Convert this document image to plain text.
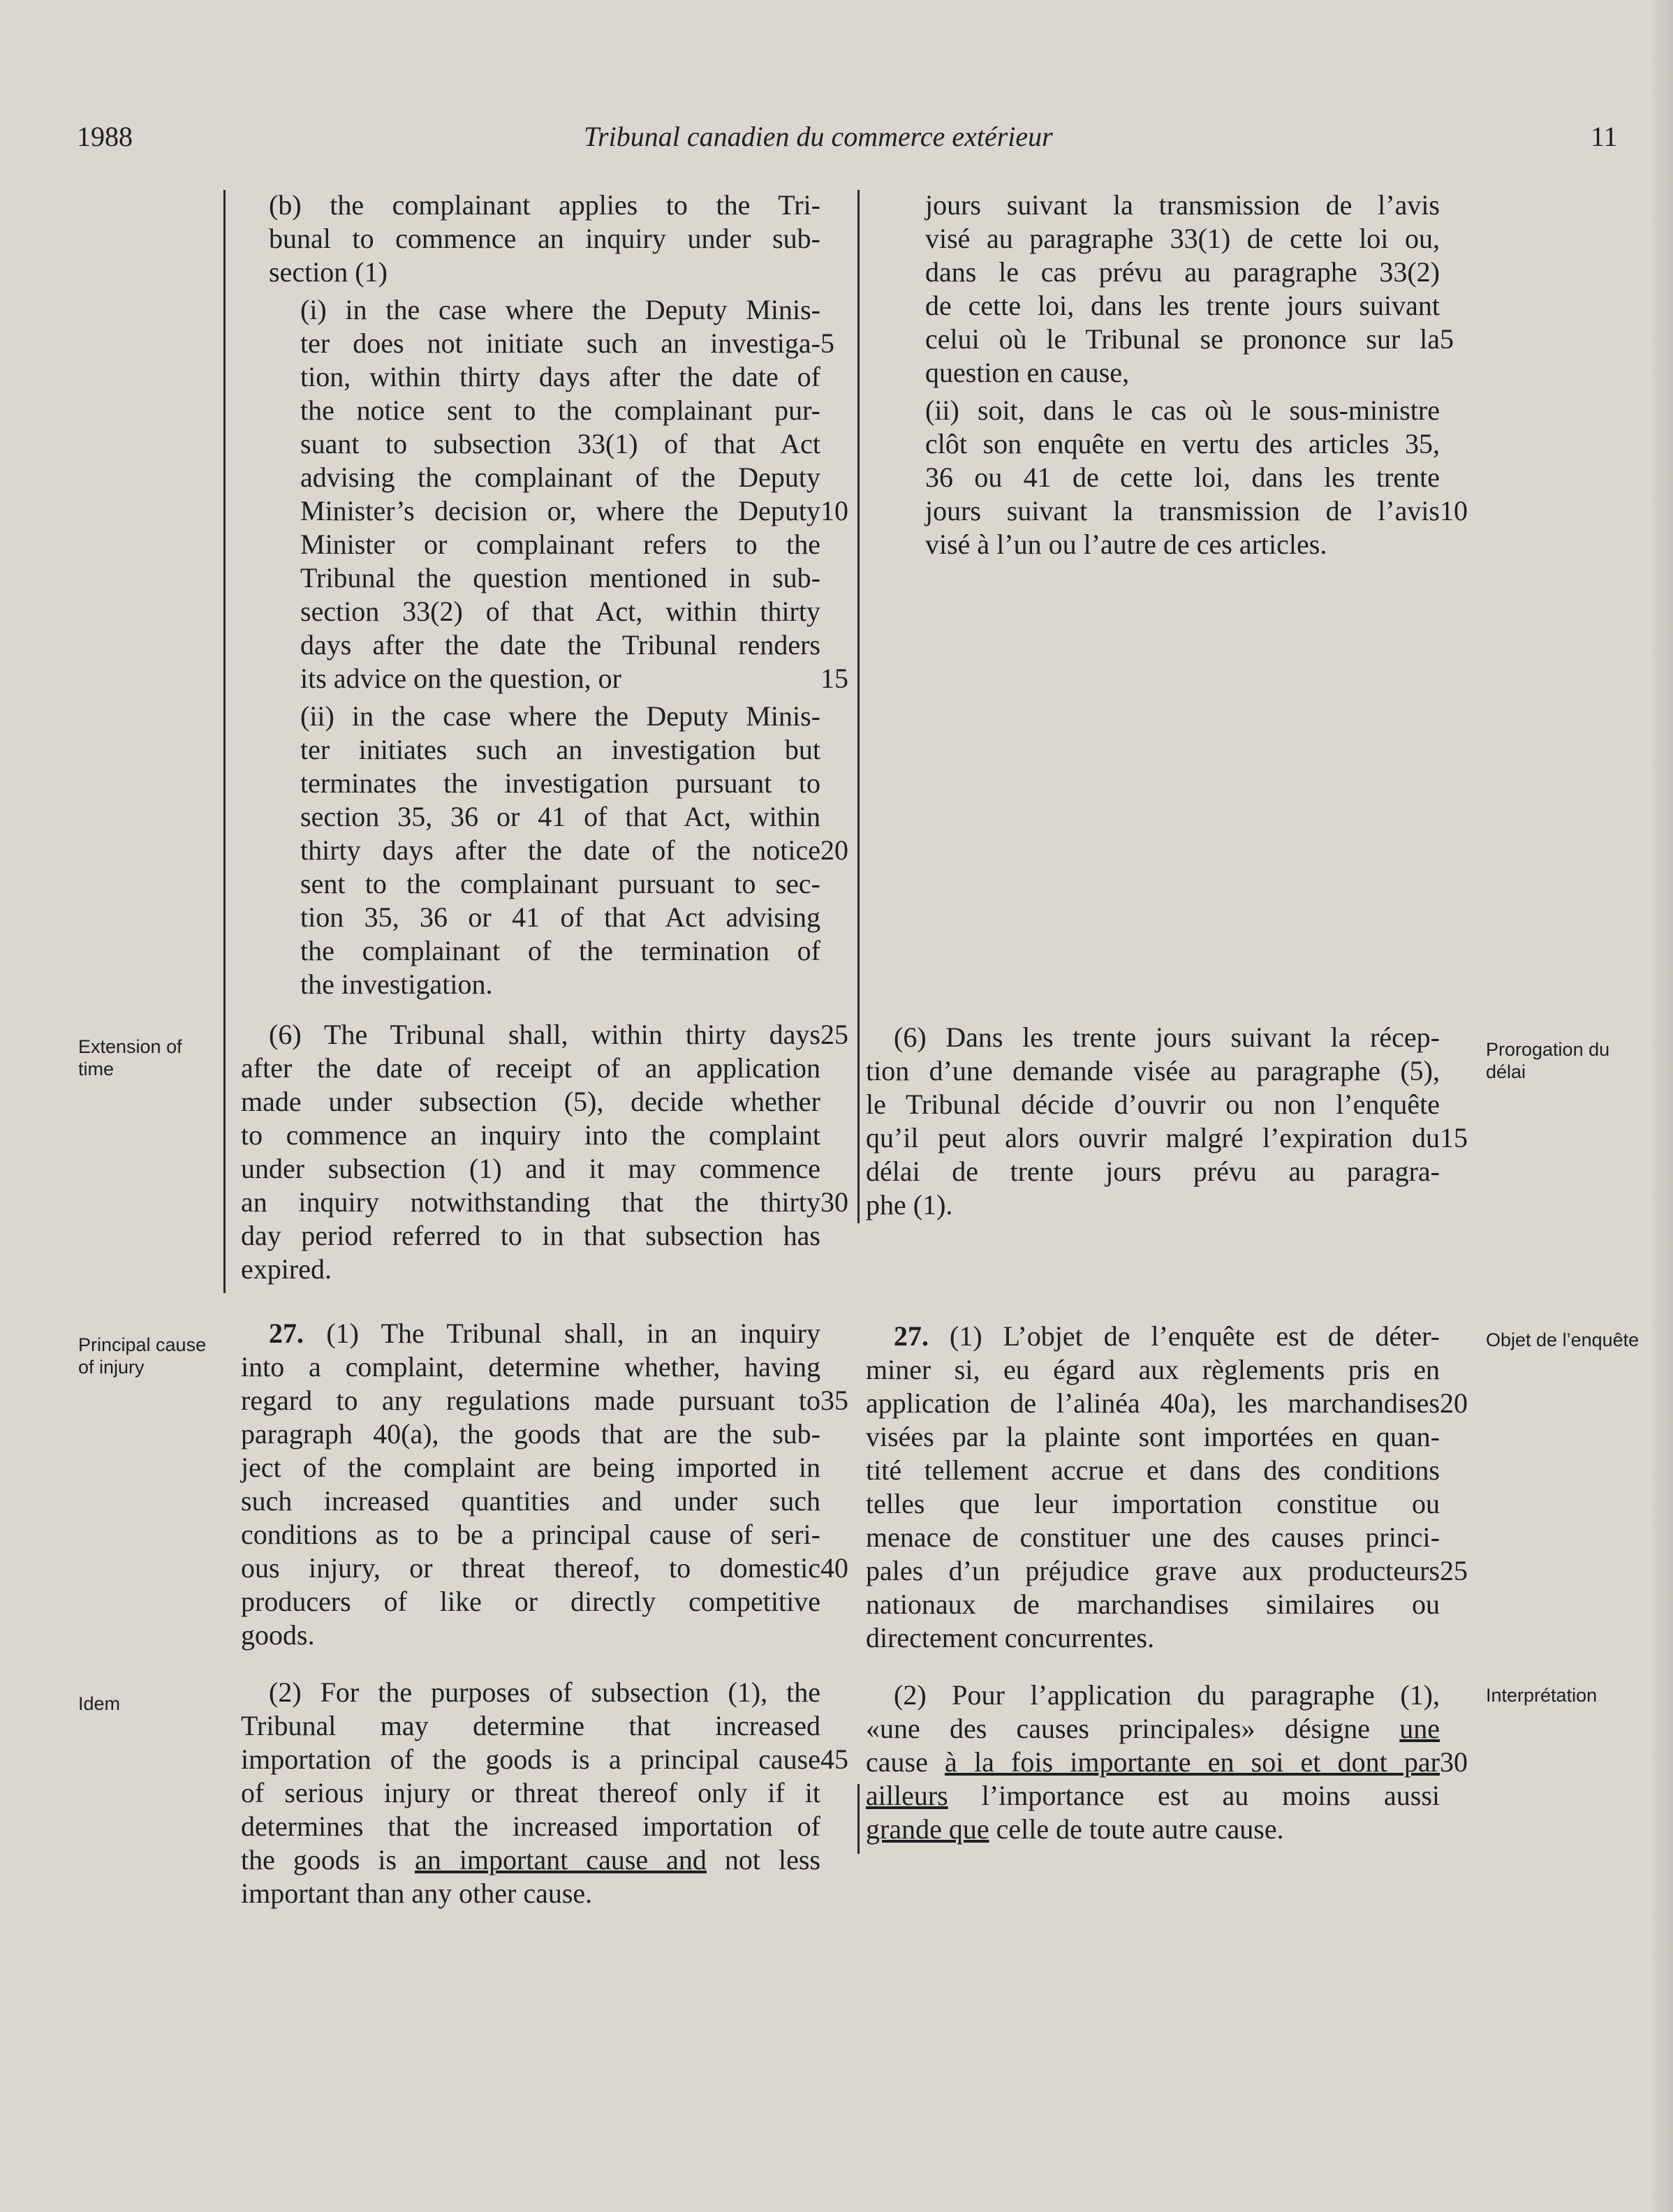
1988	Tribunal canadien du commerce extérieur	11
Extension of time
Principal cause of injury
Idem
Prorogation du délai
Objet de l’enquête
Interprétation
(b) the complainant applies to the Tri-
bunal to commence an inquiry under sub-
section (1)
(i) in the case where the Deputy Minis-
ter does not initiate such an investiga- 5
tion, within thirty days after the date of
the notice sent to the complainant pur-
suant to subsection 33(1) of that Act
advising the complainant of the Deputy
Minister’s decision or, where the Deputy 10
Minister or complainant refers to the
Tribunal the question mentioned in sub-
section 33(2) of that Act, within thirty
days after the date the Tribunal renders
its advice on the question, or	15
(ii) in the case where the Deputy Minis-
ter initiates such an investigation but
terminates the investigation pursuant to
section 35, 36 or 41 of that Act, within
thirty days after the date of the notice 20
sent to the complainant pursuant to sec-
tion 35, 36 or 41 of that Act advising
the complainant of the termination of
the investigation.
(6) The Tribunal shall, within thirty days 25
after the date of receipt of an application
made under subsection (5), decide whether
to commence an inquiry into the complaint
under subsection (1) and it may commence
an inquiry notwithstanding that the thirty 30
day period referred to in that subsection has
expired.
27. (1) The Tribunal shall, in an inquiry
into a complaint, determine whether, having
regard to any regulations made pursuant to 35
paragraph 40(a), the goods that are the sub-
ject of the complaint are being imported in
such increased quantities and under such
conditions as to be a principal cause of seri-
ous injury, or threat thereof, to domestic 40
producers of like or directly competitive
goods.
(2) For the purposes of subsection (1), the
Tribunal may determine that increased
importation of the goods is a principal cause 45
of serious injury or threat thereof only if it
determines that the increased importation of
the goods is an important cause and not less
important than any other cause.
jours suivant la transmission de l’avis
visé au paragraphe 33(1) de cette loi ou,
dans le cas prévu au paragraphe 33(2)
de cette loi, dans les trente jours suivant
celui où le Tribunal se prononce sur la 5
question en cause,
(ii) soit, dans le cas où le sous-ministre
clôt son enquête en vertu des articles 35,
36 ou 41 de cette loi, dans les trente
jours suivant la transmission de l’avis 10
visé à l’un ou l’autre de ces articles.
(6) Dans les trente jours suivant la récep-
tion d’une demande visée au paragraphe (5),
le Tribunal décide d’ouvrir ou non l’enquête
qu’il peut alors ouvrir malgré l’expiration du 15
délai de trente jours prévu au paragra-
phe (1).
27. (1) L’objet de l’enquête est de déter-
miner si, eu égard aux règlements pris en
application de l’alinéa 40a), les marchandises 20
visées par la plainte sont importées en quan-
tité tellement accrue et dans des conditions
telles que leur importation constitue ou
menace de constituer une des causes princi-
pales d’un préjudice grave aux producteurs 25
nationaux de marchandises similaires ou
directement concurrentes.
(2) Pour l’application du paragraphe (1),
«une des causes principales» désigne une
cause à la fois importante en soi et dont par 30
ailleurs l’importance est au moins aussi
grande que celle de toute autre cause.
